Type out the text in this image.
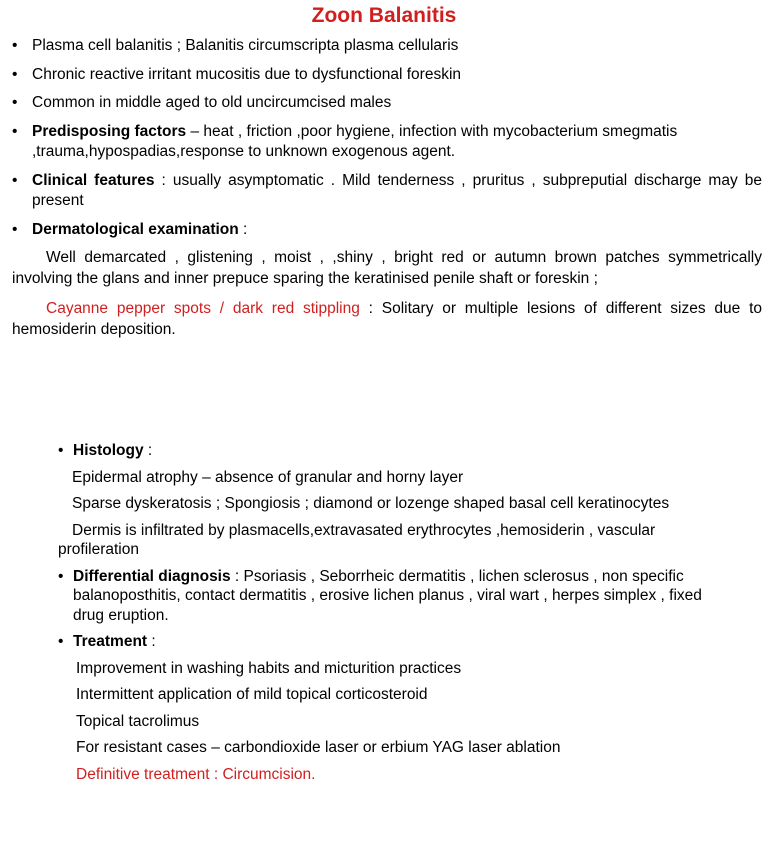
Zoon Balanitis
• Plasma cell balanitis ; Balanitis circumscripta plasma cellularis
• Chronic reactive irritant mucositis due to dysfunctional foreskin
• Common in middle aged to old uncircumcised males
• Predisposing factors – heat , friction ,poor hygiene, infection with mycobacterium smegmatis ,trauma,hypospadias,response to unknown exogenous agent.
• Clinical features : usually asymptomatic . Mild tenderness , pruritus , subpreputial discharge may be present
• Dermatological examination :
Well demarcated , glistening , moist , ,shiny , bright red or autumn brown patches symmetrically involving the glans and inner prepuce sparing the keratinised penile shaft or foreskin ;
Cayanne pepper spots / dark red stippling : Solitary or multiple lesions of different sizes due to hemosiderin deposition.
• Histology :
Epidermal atrophy – absence of granular and horny layer
Sparse dyskeratosis ; Spongiosis ; diamond or lozenge shaped basal cell keratinocytes
Dermis is infiltrated by plasmacells,extravasated erythrocytes ,hemosiderin , vascular profileration
• Differential diagnosis : Psoriasis , Seborrheic dermatitis , lichen sclerosus , non specific balanoposthitis, contact dermatitis , erosive lichen planus , viral wart , herpes simplex , fixed drug eruption.
• Treatment :
Improvement in washing habits and micturition practices
Intermittent application of mild topical corticosteroid
Topical tacrolimus
For resistant cases – carbondioxide laser or erbium YAG laser ablation
Definitive treatment : Circumcision.
